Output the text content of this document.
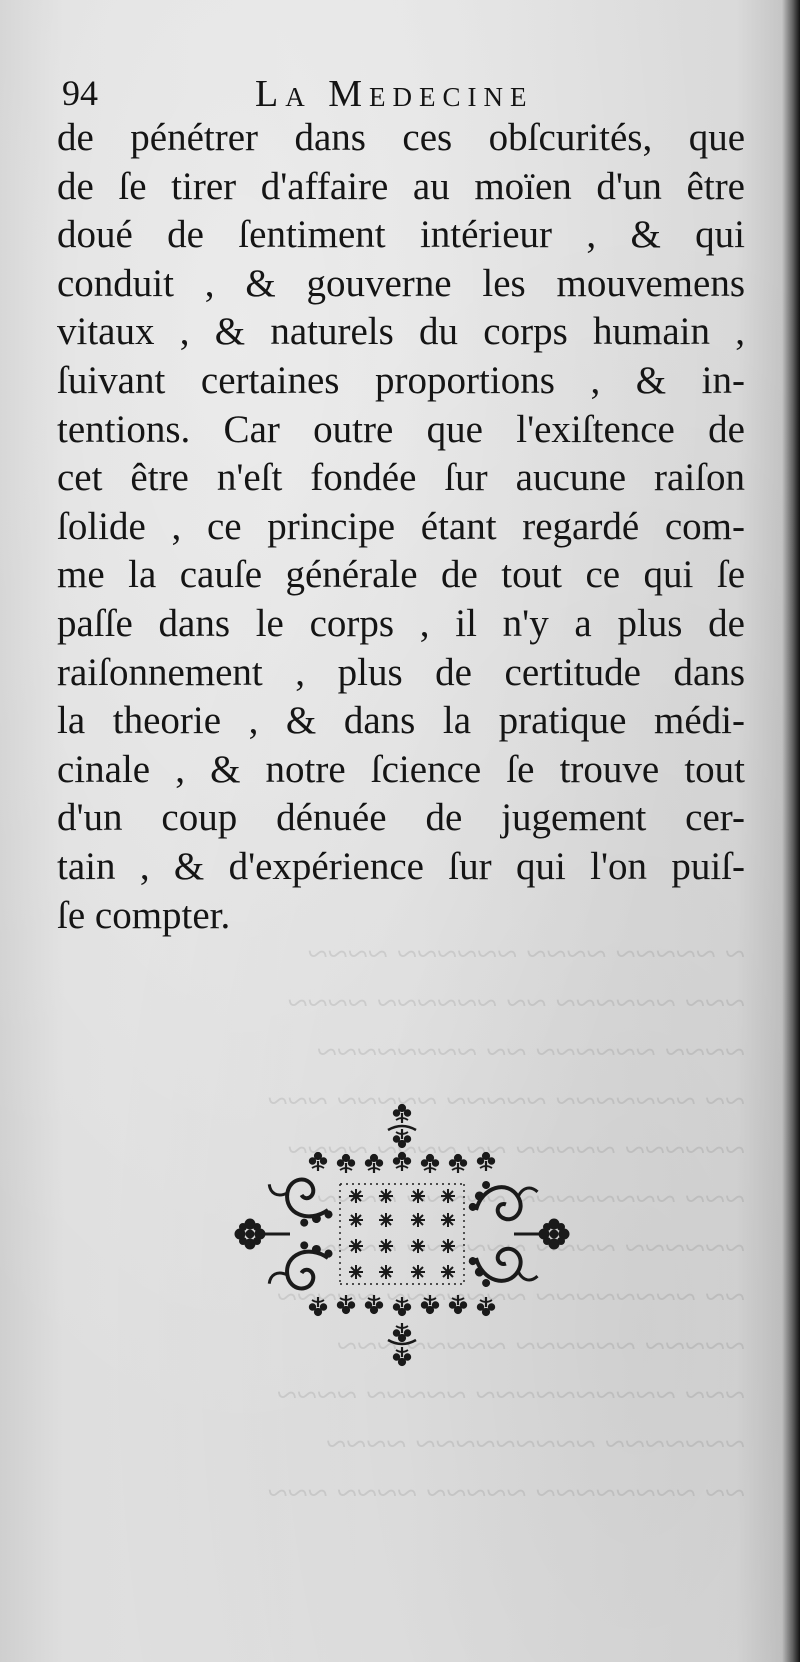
~ ~~~~~ ~~~~ ~~~~~~ ~~~~
~~~ ~~~~~~ ~~ ~~~~~~ ~~~~
~~~~ ~~~~~~ ~~ ~~~~~~~~
~~ ~~~~~~~ ~~~~~ ~~~~~ ~~~
~~~~~~ ~~~~~ ~~ ~~~~ ~~~~
~~~ ~~~~~~~~ ~~~~~ ~~~~
~~~~~~ ~~~~ ~~~~~~ ~~~~
~~ ~~~~~~~~ ~~~~~~~ ~~~~~
~~~~~ ~~~~~~ ~~~~~ ~~~
~~~ ~~~~~~~~~~ ~~~~~ ~~~~
~~~~~~~ ~~~~~~~~~ ~~~~
~~ ~~~~~~~~ ~~~~~ ~~~~ ~~~
94	La Medecine
de pénétrer dans ces obſcurités, que
de ſe tirer d'affaire au moïen d'un être
doué de ſentiment intérieur , & qui
conduit , & gouverne les mouvemens
vitaux , & naturels du corps humain ,
ſuivant certaines proportions , & in-
tentions. Car outre que l'exiſtence de
cet être n'eſt fondée ſur aucune raiſon
ſolide , ce principe étant regardé com-
me la cauſe générale de tout ce qui ſe
paſſe dans le corps , il n'y a plus de
raiſonnement , plus de certitude dans
la theorie , & dans la pratique médi-
cinale , & notre ſcience ſe trouve tout
d'un coup dénuée de jugement cer-
tain , & d'expérience ſur qui l'on puiſ-
ſe compter.
